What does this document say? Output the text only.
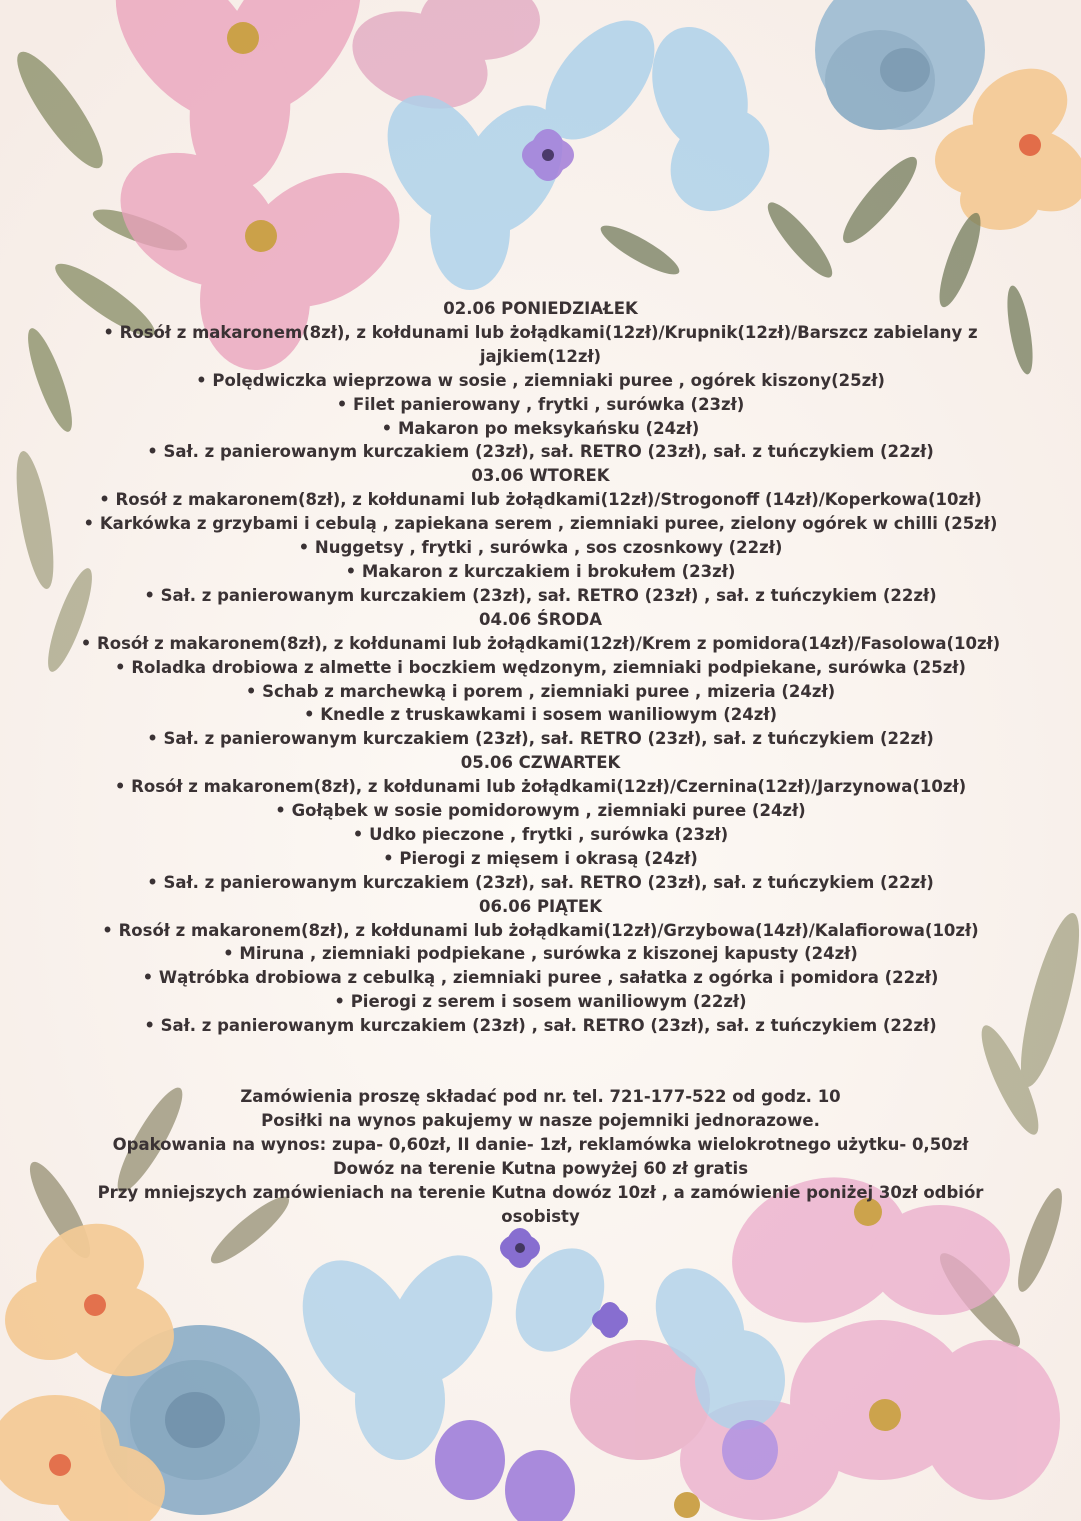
02.06 PONIEDZIAŁEK
• Rosół z makaronem(8zł), z kołdunami lub żołądkami(12zł)/Krupnik(12zł)/Barszcz zabielany z jajkiem(12zł)
• Polędwiczka wieprzowa w sosie , ziemniaki puree , ogórek kiszony(25zł)
• Filet panierowany , frytki , surówka (23zł)
• Makaron po meksykańsku (24zł)
• Sał. z panierowanym kurczakiem (23zł), sał. RETRO (23zł), sał. z tuńczykiem (22zł)
03.06 WTOREK
• Rosół z makaronem(8zł), z kołdunami lub żołądkami(12zł)/Strogonoff (14zł)/Koperkowa(10zł)
• Karkówka z grzybami i cebulą , zapiekana serem , ziemniaki puree, zielony ogórek w chilli (25zł)
• Nuggetsy , frytki , surówka , sos czosnkowy (22zł)
• Makaron z kurczakiem i brokułem (23zł)
• Sał. z panierowanym kurczakiem (23zł), sał. RETRO (23zł) , sał. z tuńczykiem (22zł)
04.06 ŚRODA
• Rosół z makaronem(8zł), z kołdunami lub żołądkami(12zł)/Krem z pomidora(14zł)/Fasolowa(10zł)
• Roladka drobiowa z almette i boczkiem wędzonym, ziemniaki podpiekane, surówka (25zł)
• Schab z marchewką i porem , ziemniaki puree , mizeria (24zł)
• Knedle z truskawkami i sosem waniliowym (24zł)
• Sał. z panierowanym kurczakiem (23zł), sał. RETRO (23zł), sał. z tuńczykiem (22zł)
05.06 CZWARTEK
• Rosół z makaronem(8zł), z kołdunami lub żołądkami(12zł)/Czernina(12zł)/Jarzynowa(10zł)
• Gołąbek w sosie pomidorowym , ziemniaki puree (24zł)
• Udko pieczone , frytki , surówka (23zł)
• Pierogi z mięsem i okrasą (24zł)
• Sał. z panierowanym kurczakiem (23zł), sał. RETRO (23zł), sał. z tuńczykiem (22zł)
06.06 PIĄTEK
• Rosół z makaronem(8zł), z kołdunami lub żołądkami(12zł)/Grzybowa(14zł)/Kalafiorowa(10zł)
• Miruna , ziemniaki podpiekane , surówka z kiszonej kapusty (24zł)
• Wątróbka drobiowa z cebulką , ziemniaki puree , sałatka z ogórka i pomidora (22zł)
• Pierogi z serem i sosem waniliowym (22zł)
• Sał. z panierowanym kurczakiem (23zł) , sał. RETRO (23zł), sał. z tuńczykiem (22zł)
Zamówienia proszę składać pod nr. tel. 721-177-522 od godz. 10
Posiłki na wynos pakujemy w nasze pojemniki jednorazowe.
Opakowania na wynos: zupa- 0,60zł, II danie- 1zł, reklamówka wielokrotnego użytku- 0,50zł
Dowóz na terenie Kutna powyżej 60 zł gratis
Przy mniejszych zamówieniach na terenie Kutna dowóz 10zł , a zamówienie poniżej 30zł odbiór osobisty
